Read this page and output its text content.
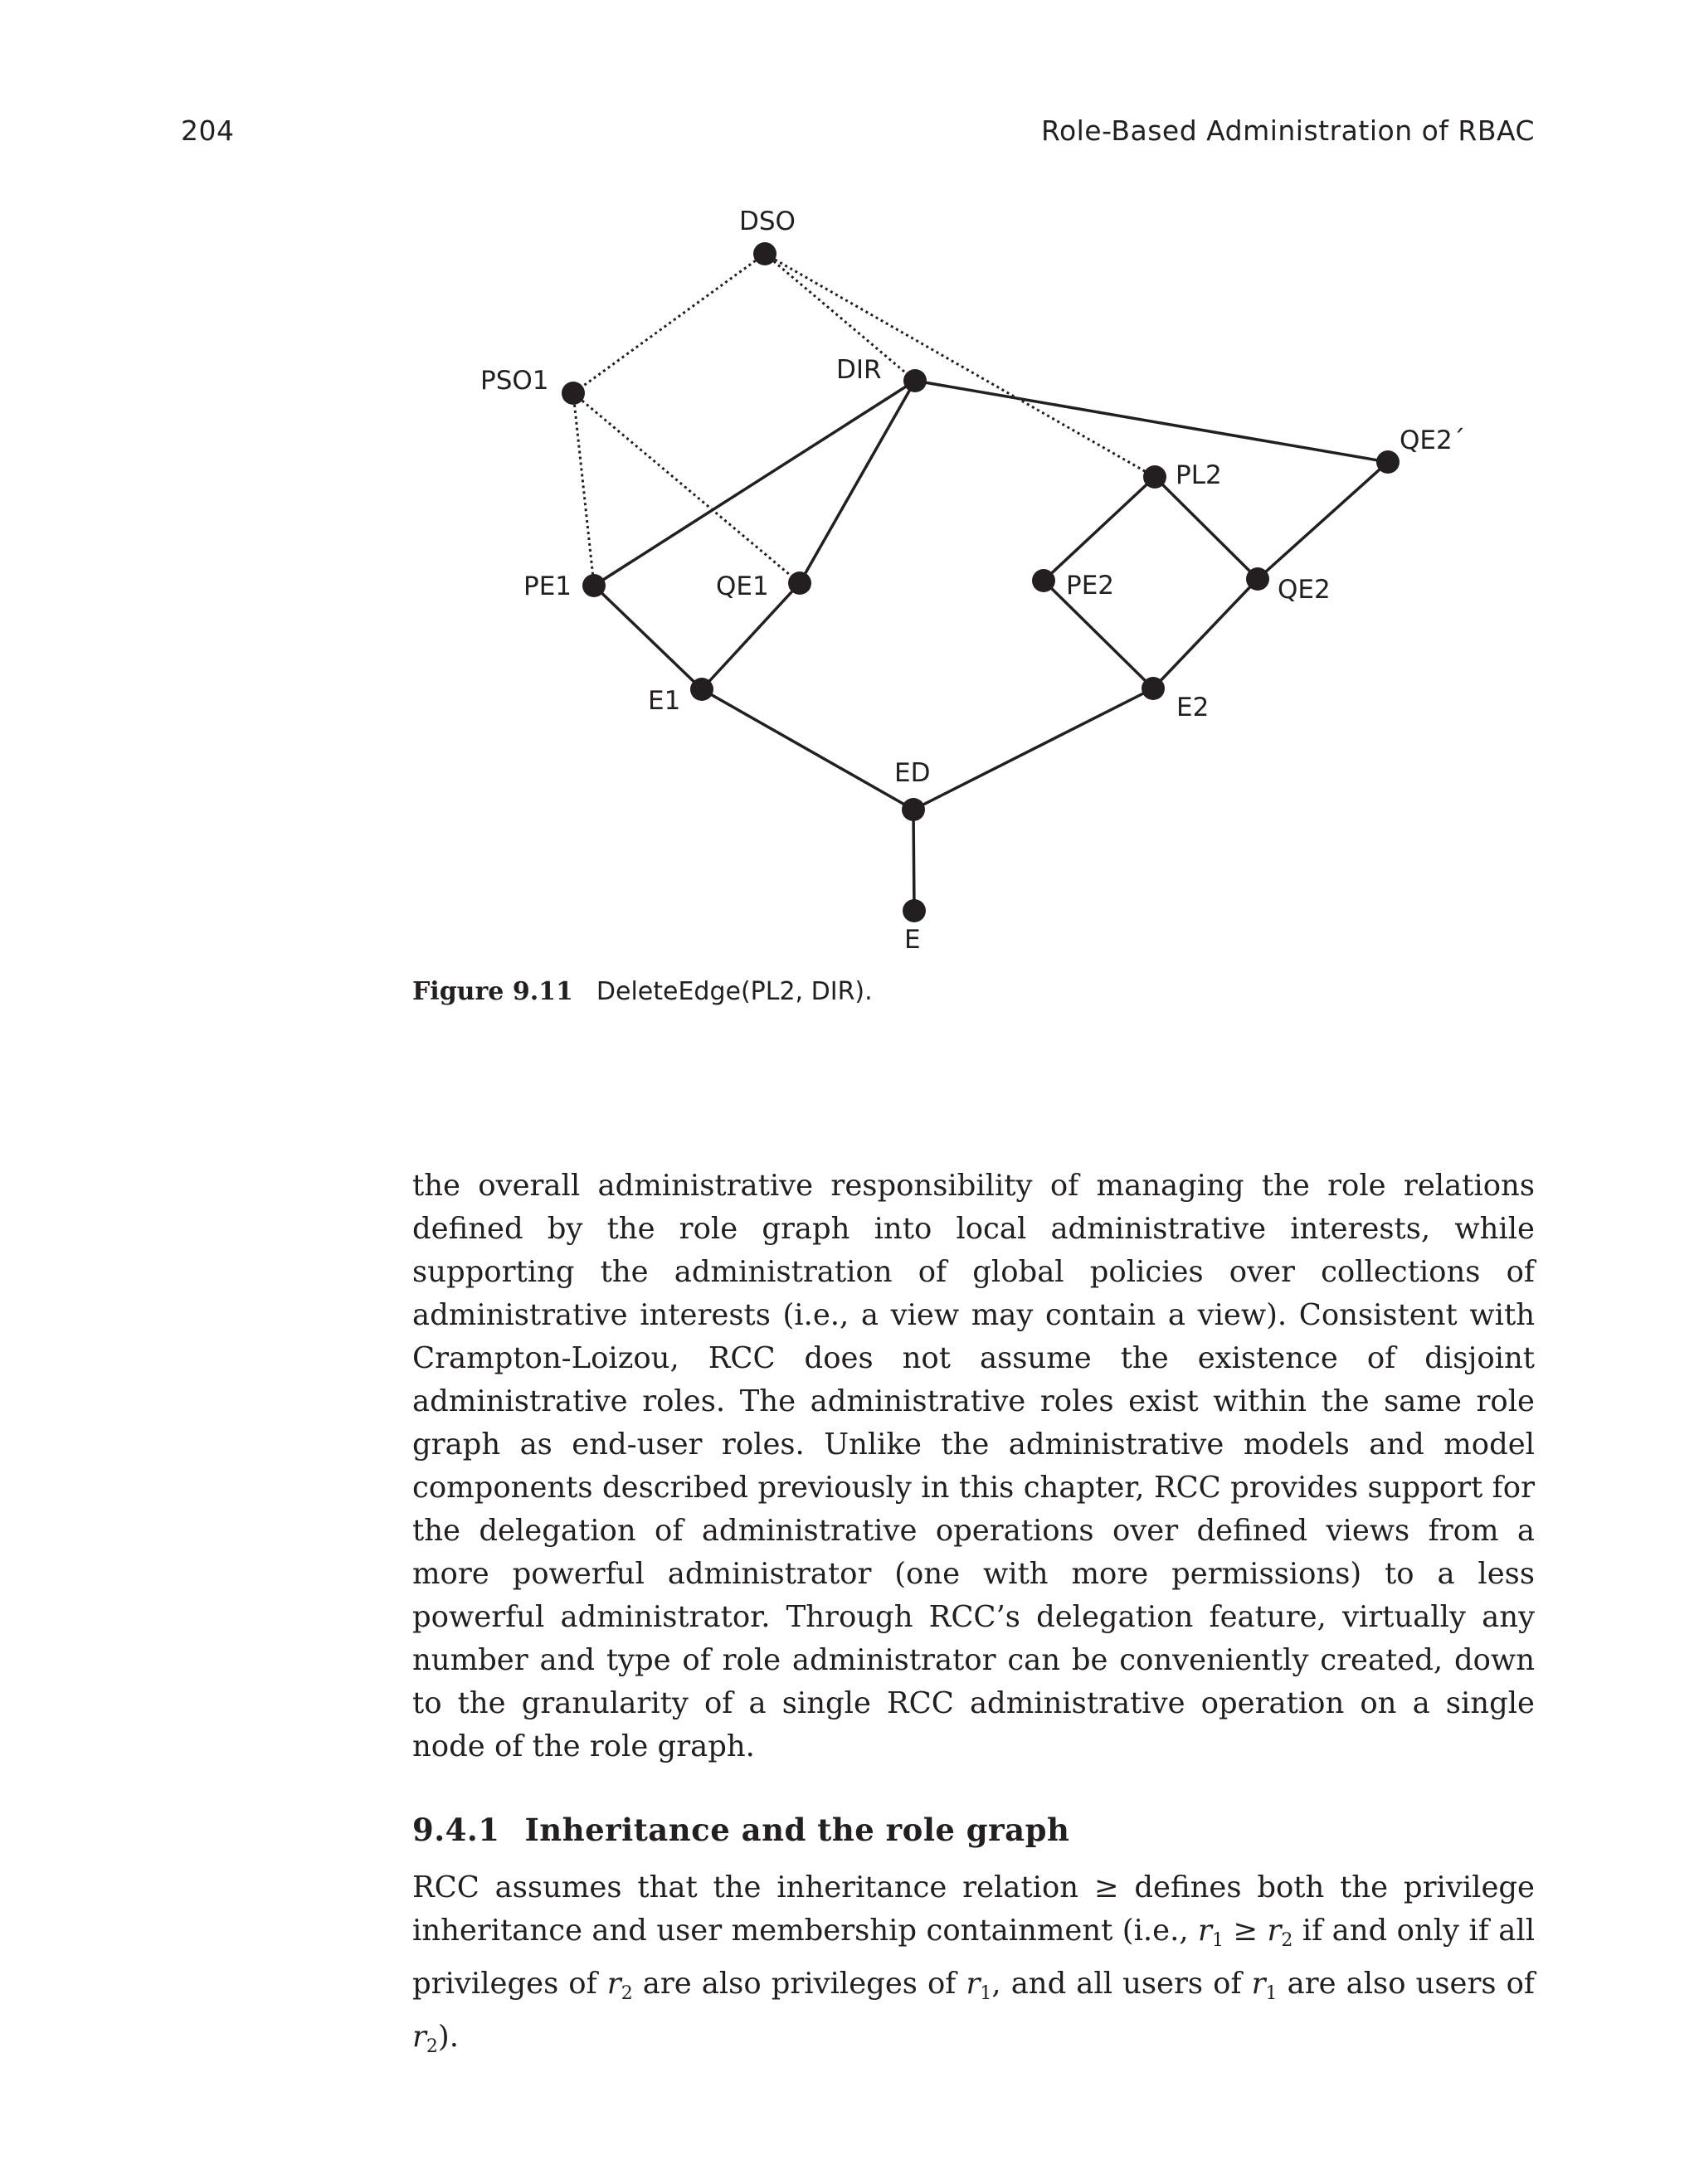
204	Role-Based Administration of RBAC
DSO
PSO1	DIR
QE2´
PL2
PE1	QE1	PE2	QE2
E1	E2
ED
E
Figure 9.11 DeleteEdge(PL2, DIR).

the overall administrative responsibility of managing the role relations defined by the role graph into local administrative interests, while supporting the administration of global policies over collections of administrative interests (i.e., a view may contain a view). Consistent with Crampton-Loizou, RCC does not assume the existence of disjoint administrative roles. The administrative roles exist within the same role graph as end-user roles. Unlike the administrative models and model components described previously in this chapter, RCC provides support for the delegation of administrative operations over defined views from a more powerful administrator (one with more permissions) to a less powerful administrator. Through RCC’s delegation feature, virtually any number and type of role administrator can be conveniently created, down to the granularity of a single RCC administrative operation on a single node of the role graph.

9.4.1 Inheritance and the role graph

RCC assumes that the inheritance relation ≥ defines both the privilege inheritance and user membership containment (i.e., $r_1 \ge r_2$ if and only if all privileges of $r_2$ are also privileges of $r_1$, and all users of $r_1$ are also users of $r_2$).
